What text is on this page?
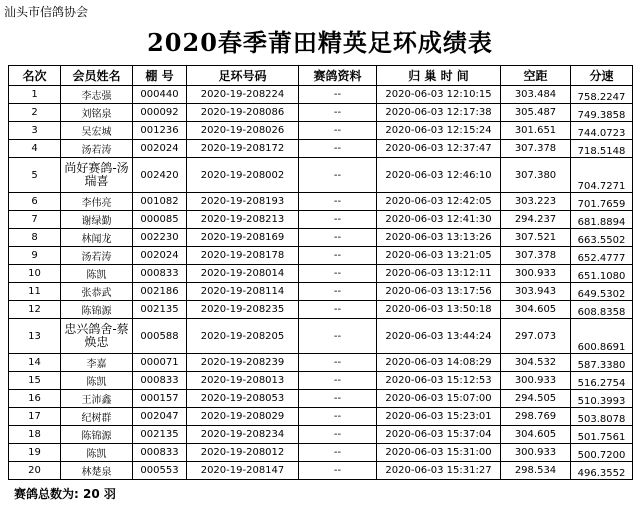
汕头市信鸽协会
2020春季莆田精英足环成绩表
名次	会员姓名	棚 号	足环号码	赛鸽资料	归 巢 时 间	空距	分速
1	李志强	000440	2020-19-208224	--	2020-06-03 12:10:15	303.484	758.2247
2	刘铭泉	000092	2020-19-208086	--	2020-06-03 12:17:38	305.487	749.3858
3	吴宏城	001236	2020-19-208026	--	2020-06-03 12:15:24	301.651	744.0723
4	汤若涛	002024	2020-19-208172	--	2020-06-03 12:37:47	307.378	718.5148
5	尚好赛鸽-汤瑞喜	002420	2020-19-208002	--	2020-06-03 12:46:10	307.380	704.7271
6	李伟亮	001082	2020-19-208193	--	2020-06-03 12:42:05	303.223	701.7659
7	谢绿勤	000085	2020-19-208213	--	2020-06-03 12:41:30	294.237	681.8894
8	林闻龙	002230	2020-19-208169	--	2020-06-03 13:13:26	307.521	663.5502
9	汤若涛	002024	2020-19-208178	--	2020-06-03 13:21:05	307.378	652.4777
10	陈凯	000833	2020-19-208014	--	2020-06-03 13:12:11	300.933	651.1080
11	张恭武	002186	2020-19-208114	--	2020-06-03 13:17:56	303.943	649.5302
12	陈锦源	002135	2020-19-208235	--	2020-06-03 13:50:18	304.605	608.8358
13	忠兴鸽舍-蔡焕忠	000588	2020-19-208205	--	2020-06-03 13:44:24	297.073	600.8691
14	李嘉	000071	2020-19-208239	--	2020-06-03 14:08:29	304.532	587.3380
15	陈凯	000833	2020-19-208013	--	2020-06-03 15:12:53	300.933	516.2754
16	王沛鑫	000157	2020-19-208053	--	2020-06-03 15:07:00	294.505	510.3993
17	纪树群	002047	2020-19-208029	--	2020-06-03 15:23:01	298.769	503.8078
18	陈锦源	002135	2020-19-208234	--	2020-06-03 15:37:04	304.605	501.7561
19	陈凯	000833	2020-19-208012	--	2020-06-03 15:31:00	300.933	500.7200
20	林楚泉	000553	2020-19-208147	--	2020-06-03 15:31:27	298.534	496.3552
赛鸽总数为: 20 羽
